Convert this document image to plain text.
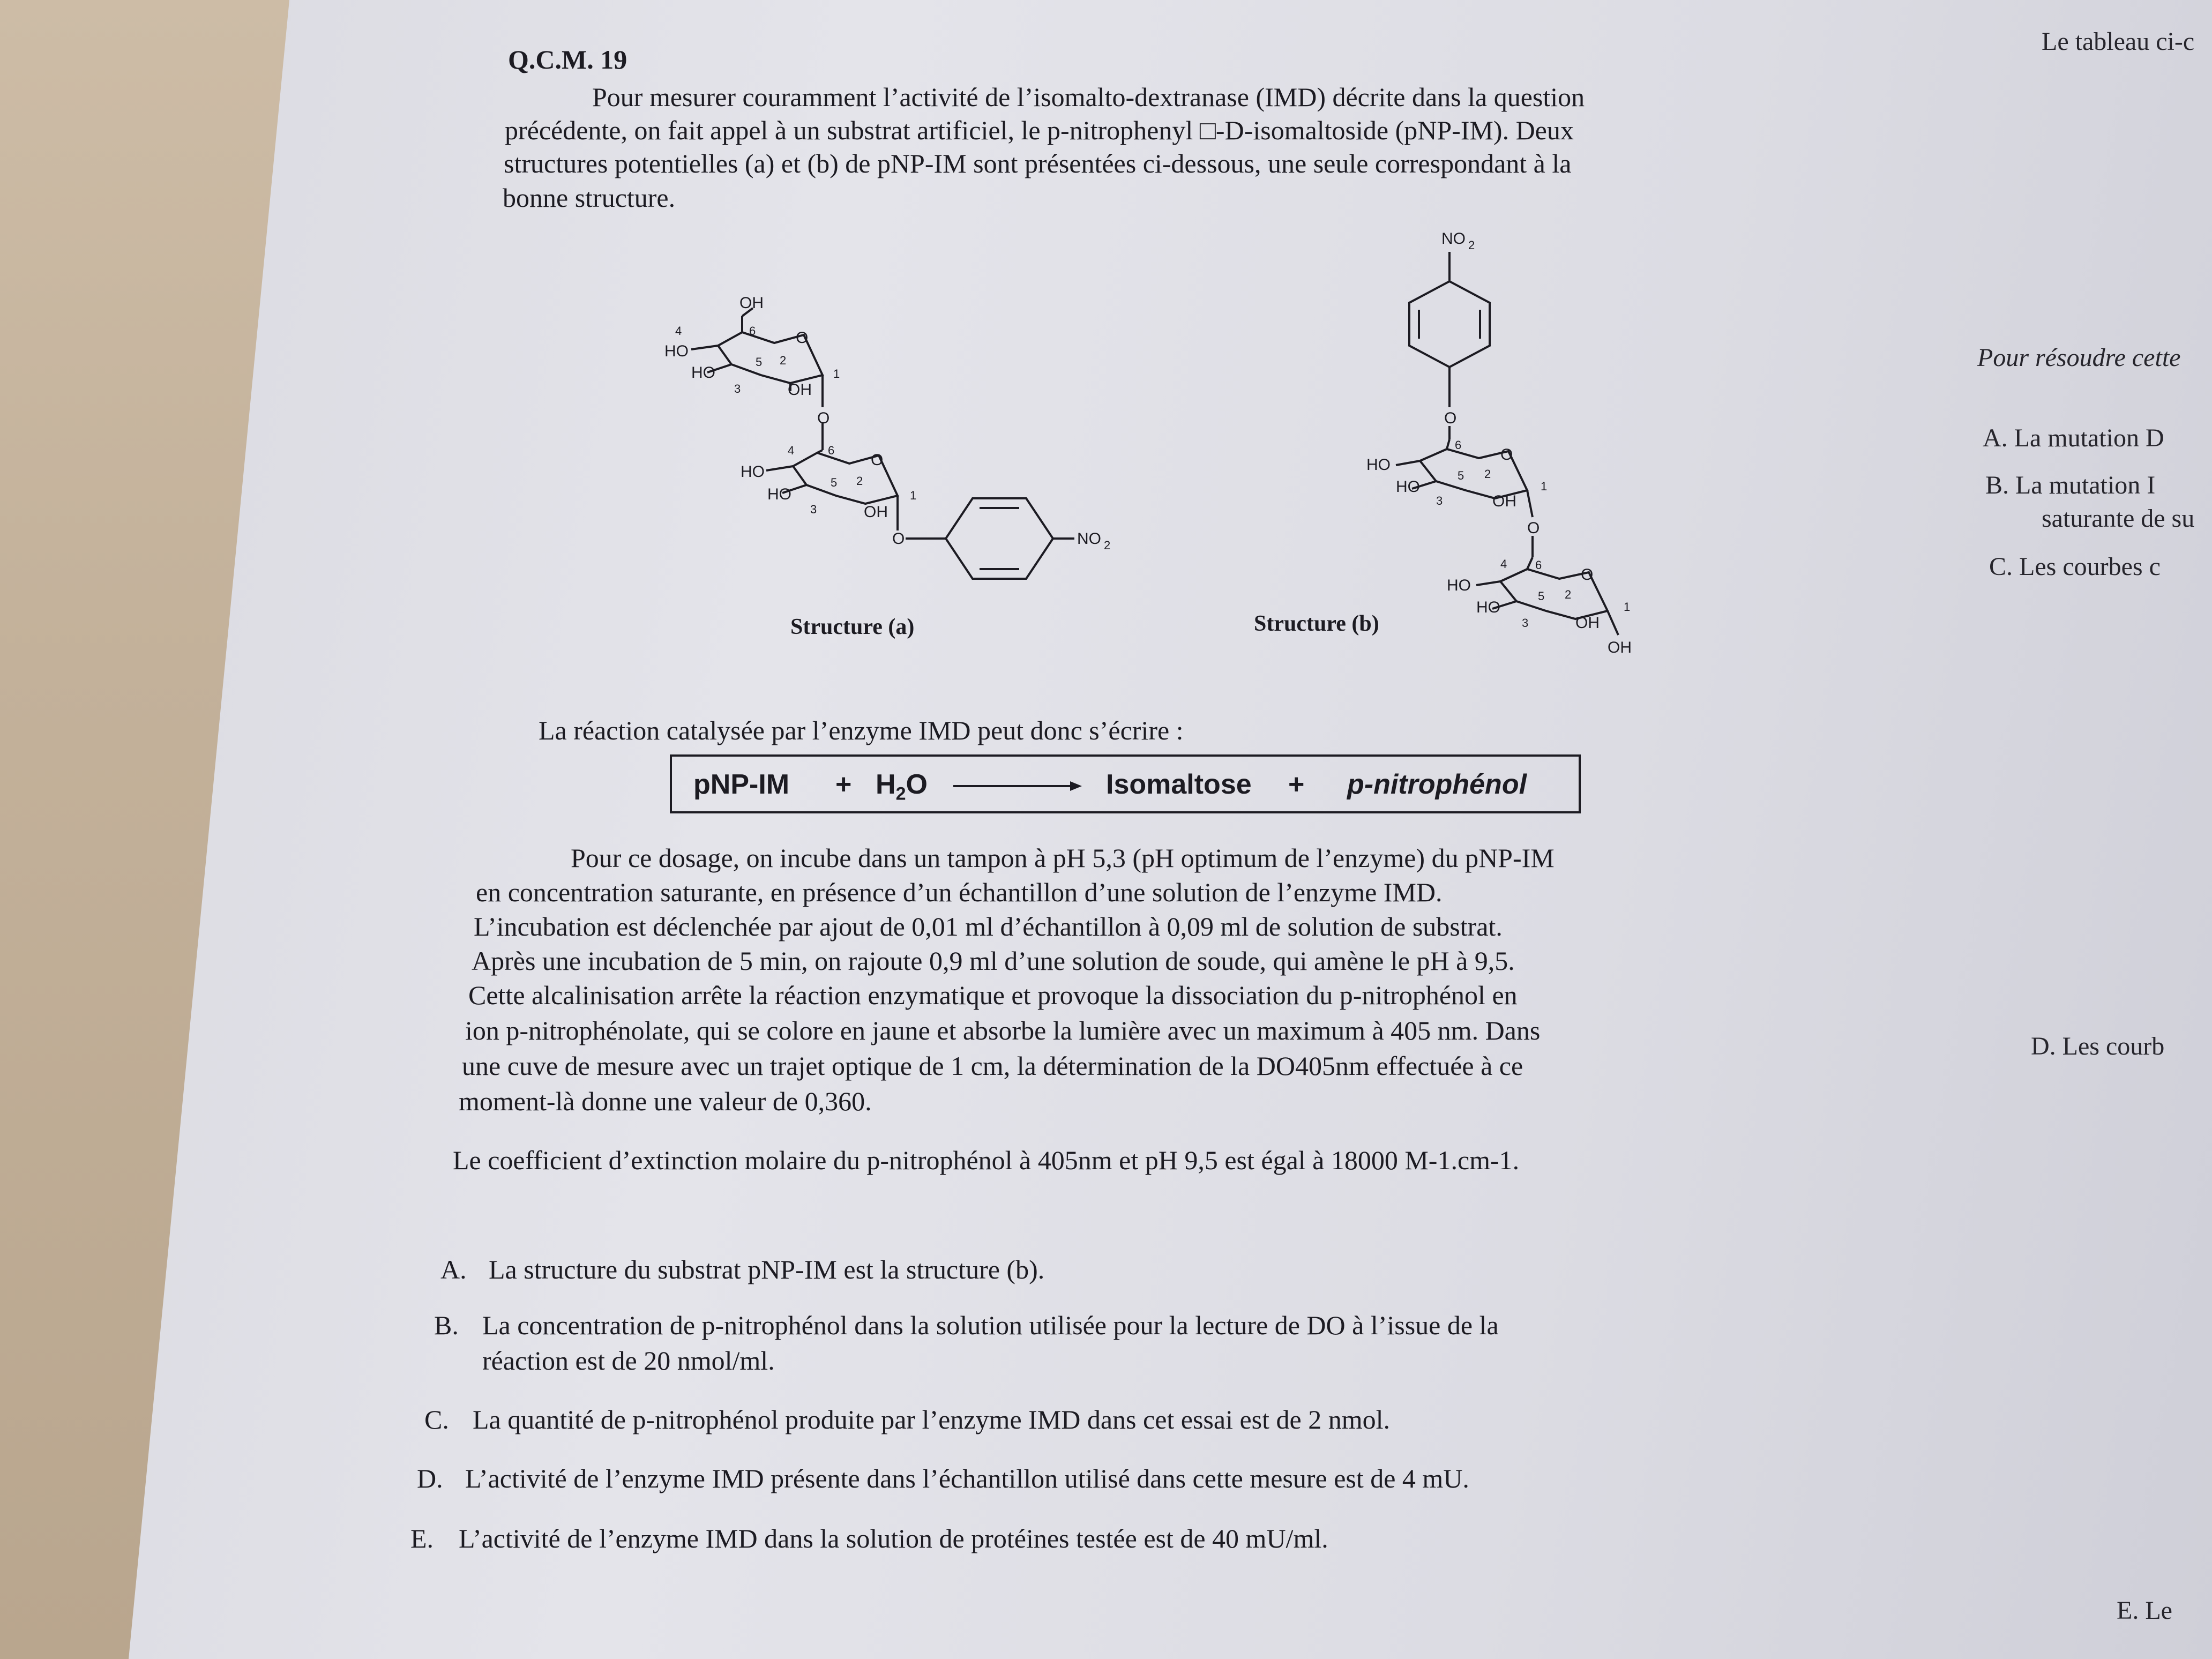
Q.C.M. 19
Pour mesurer couramment l’activité de l’isomalto-dextranase (IMD) décrite dans la question
précédente, on fait appel à un substrat artificiel, le p-nitrophenyl □-D-isomaltoside (pNP-IM). Deux
structures potentielles (a) et (b) de pNP-IM sont présentées ci-dessous, une seule correspondant à la
bonne structure.
OH
HO
HO
OH
O
O
4	6
5 2
3
1
HO
HO
OH
O
O
4	6
5 2
3
1
NO 2
NO 2
O
HO
HO
OH
O
6
5 2
3
1
O
HO
HO
OH
O
OH
4 6
5 2
3
1
Structure (a)	Structure (b)
La réaction catalysée par l’enzyme IMD peut donc s’écrire :
$pNP-IM + H_2O$	Isomaltose + p-nitrophénol
Pour ce dosage, on incube dans un tampon à pH 5,3 (pH optimum de l’enzyme) du pNP-IM
en concentration saturante, en présence d’un échantillon d’une solution de l’enzyme IMD.
L’incubation est déclenchée par ajout de 0,01 ml d’échantillon à 0,09 ml de solution de substrat.
Après une incubation de 5 min, on rajoute 0,9 ml d’une solution de soude, qui amène le pH à 9,5.
Cette alcalinisation arrête la réaction enzymatique et provoque la dissociation du p-nitrophénol en
ion p-nitrophénolate, qui se colore en jaune et absorbe la lumière avec un maximum à 405 nm. Dans
une cuve de mesure avec un trajet optique de 1 cm, la détermination de la DO405nm effectuée à ce
moment-là donne une valeur de 0,360.
Le coefficient d’extinction molaire du p-nitrophénol à 405nm et pH 9,5 est égal à 18000 M-1.cm-1.
A. La structure du substrat pNP-IM est la structure (b).
B. La concentration de p-nitrophénol dans la solution utilisée pour la lecture de DO à l’issue de la
réaction est de 20 nmol/ml.
C. La quantité de p-nitrophénol produite par l’enzyme IMD dans cet essai est de 2 nmol.
D. L’activité de l’enzyme IMD présente dans l’échantillon utilisé dans cette mesure est de 4 mU.
E. L’activité de l’enzyme IMD dans la solution de protéines testée est de 40 mU/ml.
Le tableau ci-c
Pour résoudre cette
A. La mutation D
B. La mutation I
saturante de su
C. Les courbes c
D. Les courb
E. Le
